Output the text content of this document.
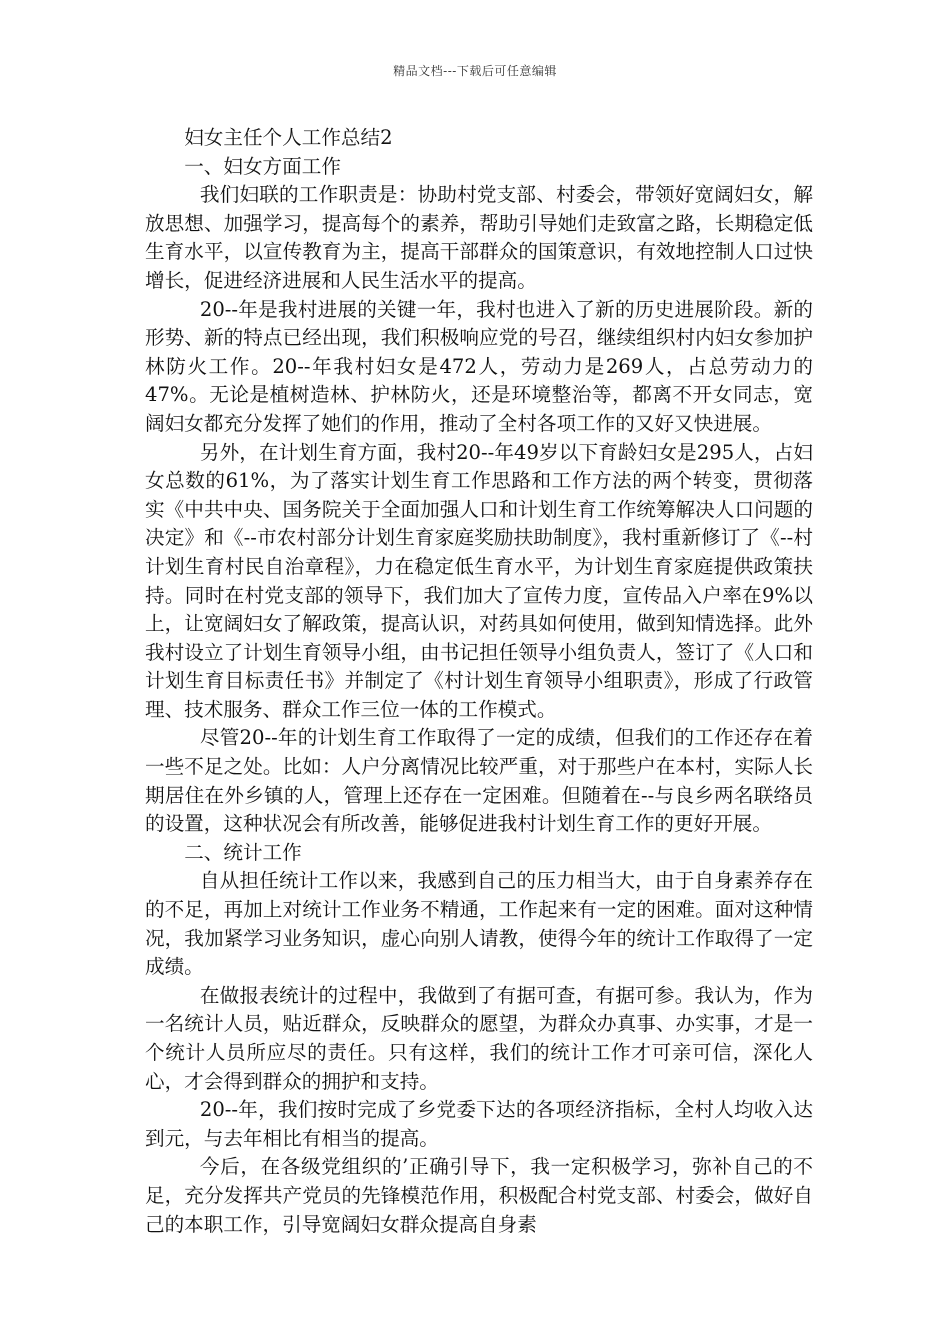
精品文档---下载后可任意编辑

妇女主任个人工作总结2

一、妇女方面工作

我们妇联的工作职责是：协助村党支部、村委会，带领好宽阔妇女，解放思想、加强学习，提高每个的素养，帮助引导她们走致富之路，长期稳定低生育水平，以宣传教育为主，提高干部群众的国策意识，有效地控制人口过快增长，促进经济进展和人民生活水平的提高。

20--年是我村进展的关键一年，我村也进入了新的历史进展阶段。新的形势、新的特点已经出现，我们积极响应党的号召，继续组织村内妇女参加护林防火工作。20--年我村妇女是472人，劳动力是269人，占总劳动力的47%。无论是植树造林、护林防火，还是环境整治等，都离不开女同志，宽阔妇女都充分发挥了她们的作用，推动了全村各项工作的又好又快进展。

另外，在计划生育方面，我村20--年49岁以下育龄妇女是295人，占妇女总数的61%，为了落实计划生育工作思路和工作方法的两个转变，贯彻落实《中共中央、国务院关于全面加强人口和计划生育工作统筹解决人口问题的决定》和《--市农村部分计划生育家庭奖励扶助制度》，我村重新修订了《--村计划生育村民自治章程》，力在稳定低生育水平，为计划生育家庭提供政策扶持。同时在村党支部的领导下，我们加大了宣传力度，宣传品入户率在9%以上，让宽阔妇女了解政策，提高认识，对药具如何使用，做到知情选择。此外我村设立了计划生育领导小组，由书记担任领导小组负责人，签订了《人口和计划生育目标责任书》并制定了《村计划生育领导小组职责》，形成了行政管理、技术服务、群众工作三位一体的工作模式。

尽管20--年的计划生育工作取得了一定的成绩，但我们的工作还存在着一些不足之处。比如：人户分离情况比较严重，对于那些户在本村，实际人长期居住在外乡镇的人，管理上还存在一定困难。但随着在--与良乡两名联络员的设置，这种状况会有所改善，能够促进我村计划生育工作的更好开展。

二、统计工作

自从担任统计工作以来，我感到自己的压力相当大，由于自身素养存在的不足，再加上对统计工作业务不精通，工作起来有一定的困难。面对这种情况，我加紧学习业务知识，虚心向别人请教，使得今年的统计工作取得了一定成绩。

在做报表统计的过程中，我做到了有据可查，有据可参。我认为，作为一名统计人员，贴近群众，反映群众的愿望，为群众办真事、办实事，才是一个统计人员所应尽的责任。只有这样，我们的统计工作才可亲可信，深化人心，才会得到群众的拥护和支持。

20--年，我们按时完成了乡党委下达的各项经济指标，全村人均收入达到元，与去年相比有相当的提高。

今后，在各级党组织的’正确引导下，我一定积极学习，弥补自己的不足，充分发挥共产党员的先锋模范作用，积极配合村党支部、村委会，做好自己的本职工作，引导宽阔妇女群众提高自身素
